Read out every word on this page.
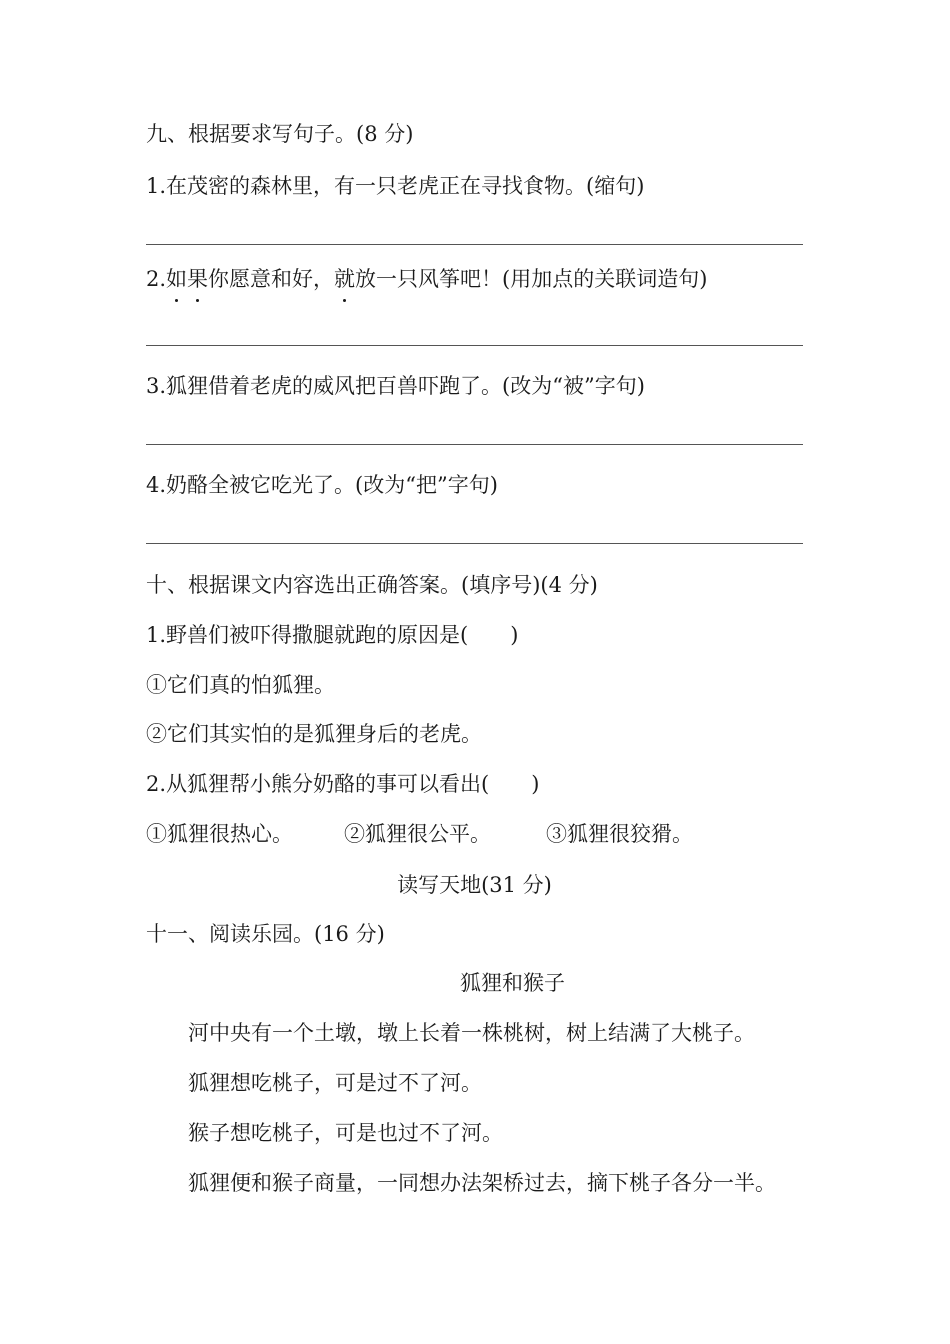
九、根据要求写句子。(8 分)
1.在茂密的森林里，有一只老虎正在寻找食物。(缩句)
2.如果你愿意和好，就放一只风筝吧！(用加点的关联词造句)
3.狐狸借着老虎的威风把百兽吓跑了。(改为“被”字句)
4.奶酪全被它吃光了。(改为“把”字句)
十、根据课文内容选出正确答案。(填序号)(4 分)
1.野兽们被吓得撒腿就跑的原因是(　　)
①它们真的怕狐狸。
②它们其实怕的是狐狸身后的老虎。
2.从狐狸帮小熊分奶酪的事可以看出(　　)
①狐狸很热心。 ②狐狸很公平。	③狐狸很狡猾。
读写天地(31 分)
十一、阅读乐园。(16 分)
狐狸和猴子
河中央有一个土墩，墩上长着一株桃树，树上结满了大桃子。
狐狸想吃桃子，可是过不了河。
猴子想吃桃子，可是也过不了河。
狐狸便和猴子商量，一同想办法架桥过去，摘下桃子各分一半。
